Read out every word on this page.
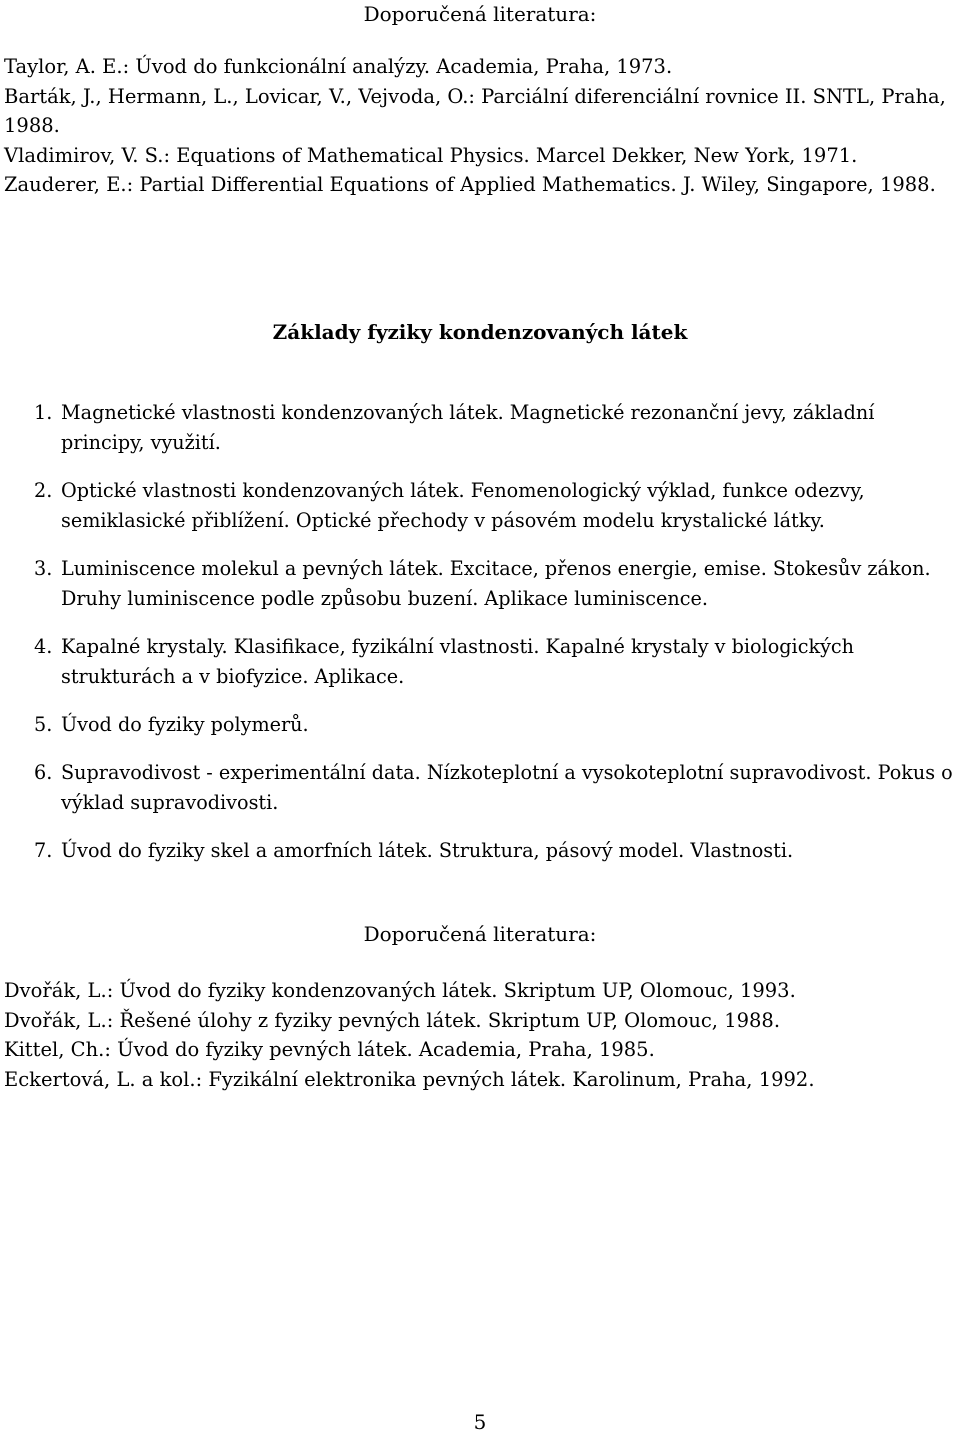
Doporučená literatura:
Taylor, A. E.: Úvod do funkcionální analýzy. Academia, Praha, 1973.
Barták, J., Hermann, L., Lovicar, V., Vejvoda, O.: Parciální diferenciální rovnice II. SNTL, Praha, 1988.
Vladimirov, V. S.: Equations of Mathematical Physics. Marcel Dekker, New York, 1971.
Zauderer, E.: Partial Differential Equations of Applied Mathematics. J. Wiley, Singapore, 1988.
Základy fyziky kondenzovaných látek
1. Magnetické vlastnosti kondenzovaných látek. Magnetické rezonanční jevy, základní principy, využití.
2. Optické vlastnosti kondenzovaných látek. Fenomenologický výklad, funkce odezvy, semiklasické přiblížení. Optické přechody v pásovém modelu krystalické látky.
3. Luminiscence molekul a pevných látek. Excitace, přenos energie, emise. Stokesův zákon. Druhy luminiscence podle způsobu buzení. Aplikace luminiscence.
4. Kapalné krystaly. Klasifikace, fyzikální vlastnosti. Kapalné krystaly v biologických strukturách a v biofyzice. Aplikace.
5. Úvod do fyziky polymerů.
6. Supravodivost - experimentální data. Nízkoteplotní a vysokoteplotní supravodivost. Pokus o výklad supravodivosti.
7. Úvod do fyziky skel a amorfních látek. Struktura, pásový model. Vlastnosti.
Doporučená literatura:
Dvořák, L.: Úvod do fyziky kondenzovaných látek. Skriptum UP, Olomouc, 1993.
Dvořák, L.: Řešené úlohy z fyziky pevných látek. Skriptum UP, Olomouc, 1988.
Kittel, Ch.: Úvod do fyziky pevných látek. Academia, Praha, 1985.
Eckertová, L. a kol.: Fyzikální elektronika pevných látek. Karolinum, Praha, 1992.
5
